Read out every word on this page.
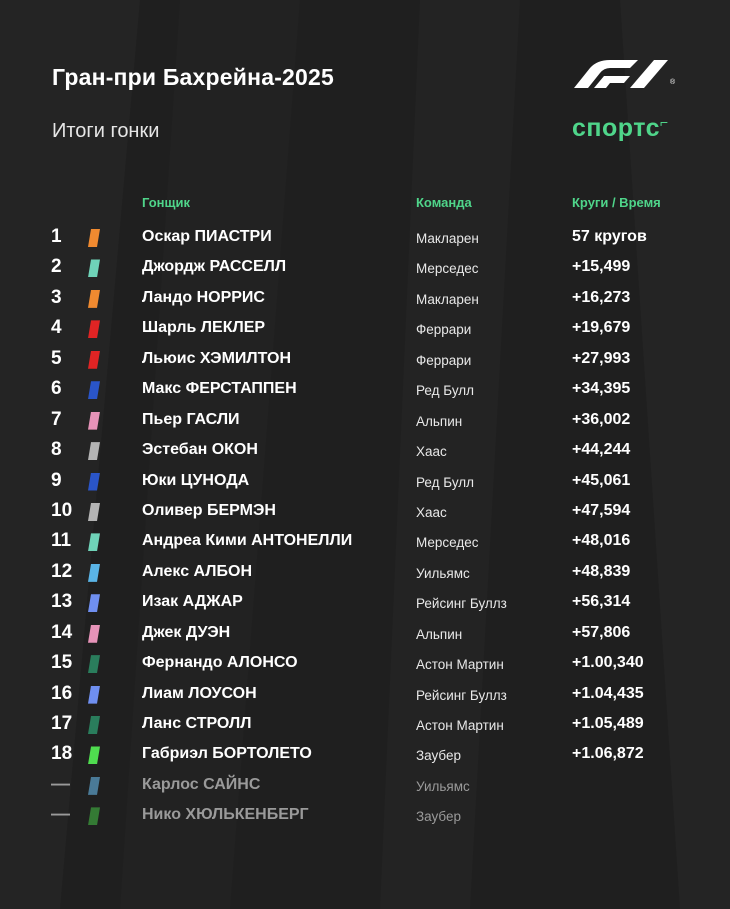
Гран-при Бахрейна-2025
Итоги гонки
®
спортс⌐
Гонщик	Команда	Круги / Время
1	Оскар ПИАСТРИ	Макларен	57 кругов
2	Джордж РАССЕЛЛ	Мерседес	+15,499
3	Ландо НОРРИС	Макларен	+16,273
4	Шарль ЛЕКЛЕР	Феррари	+19,679
5	Льюис ХЭМИЛТОН	Феррари	+27,993
6	Макс ФЕРСТАППЕН	Ред Булл	+34,395
7	Пьер ГАСЛИ	Альпин	+36,002
8	Эстебан ОКОН	Хаас	+44,244
9	Юки ЦУНОДА	Ред Булл	+45,061
10	Оливер БЕРМЭН	Хаас	+47,594
11	Андреа Кими АНТОНЕЛЛИ	Мерседес	+48,016
12	Алекс АЛБОН	Уильямс	+48,839
13	Изак АДЖАР	Рейсинг Буллз	+56,314
14	Джек ДУЭН	Альпин	+57,806
15	Фернандо АЛОНСО	Астон Мартин	+1.00,340
16	Лиам ЛОУСОН	Рейсинг Буллз	+1.04,435
17	Ланс СТРОЛЛ	Астон Мартин	+1.05,489
18	Габриэл БОРТОЛЕТО	Заубер	+1.06,872
—	Карлос САЙНС	Уильямс
—	Нико ХЮЛЬКЕНБЕРГ	Заубер
